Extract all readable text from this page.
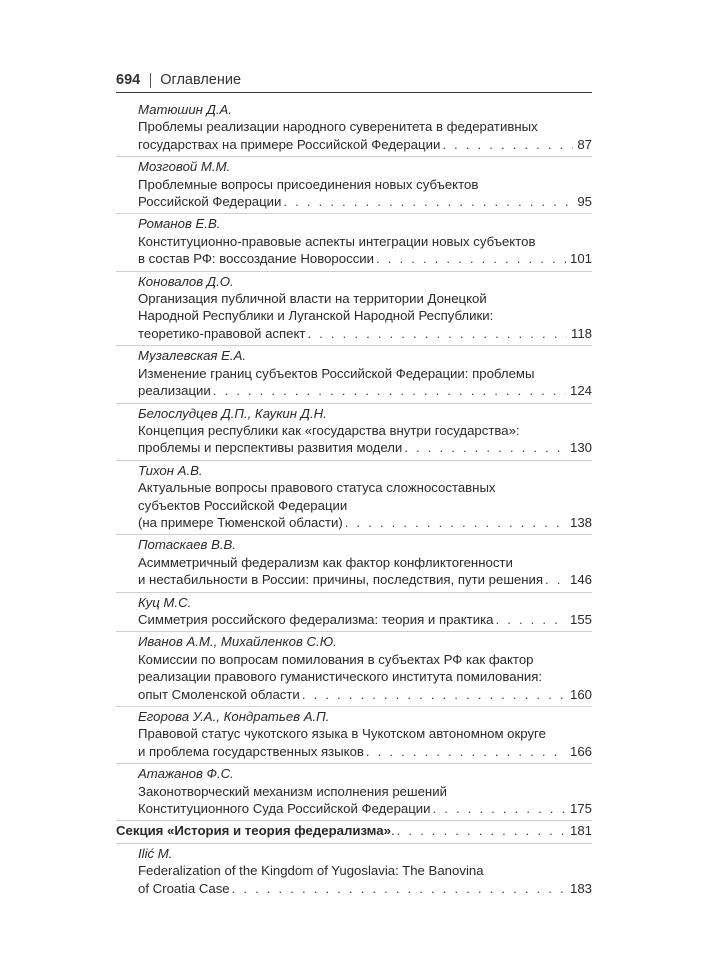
694 Оглавление
Матюшин Д.А.
Проблемы реализации народного суверенитета в федеративных
государствах на примере Российской Федерации . . .	87
Мозговой М.М.
Проблемные вопросы присоединения новых субъектов
Российской Федерации . . .	95
Романов Е.В.
Конституционно-правовые аспекты интеграции новых субъектов
в состав РФ: воссоздание Новороссии . . .	101
Коновалов Д.О.
Организация публичной власти на территории Донецкой
Народной Республики и Луганской Народной Республики:
теоретико-правовой аспект . . .	118
Музалевская Е.А.
Изменение границ субъектов Российской Федерации: проблемы
реализации . . .	124
Белослудцев Д.П., Каукин Д.Н.
Концепция республики как «государства внутри государства»:
проблемы и перспективы развития модели . . .	130
Тихон А.В.
Актуальные вопросы правового статуса сложносоставных
субъектов Российской Федерации
(на примере Тюменской области) . . .	138
Потаскаев В.В.
Асимметричный федерализм как фактор конфликтогенности
и нестабильности в России: причины, последствия, пути решения . . . 146
Куц М.С.
Симметрия российского федерализма: теория и практика . . .	155
Иванов А.М., Михайленков С.Ю.
Комиссии по вопросам помилования в субъектах РФ как фактор
реализации правового гуманистического института помилования:
опыт Смоленской области . . .	160
Егорова У.А., Кондратьев А.П.
Правовой статус чукотского языка в Чукотском автономном округе
и проблема государственных языков . . .	166
Атажанов Ф.С.
Законотворческий механизм исполнения решений
Конституционного Суда Российской Федерации . . .	175
Секция «История и теория федерализма». . . .	181
Ilić M.
Federalization of the Kingdom of Yugoslavia: The Banovina
of Croatia Case . . .	183
